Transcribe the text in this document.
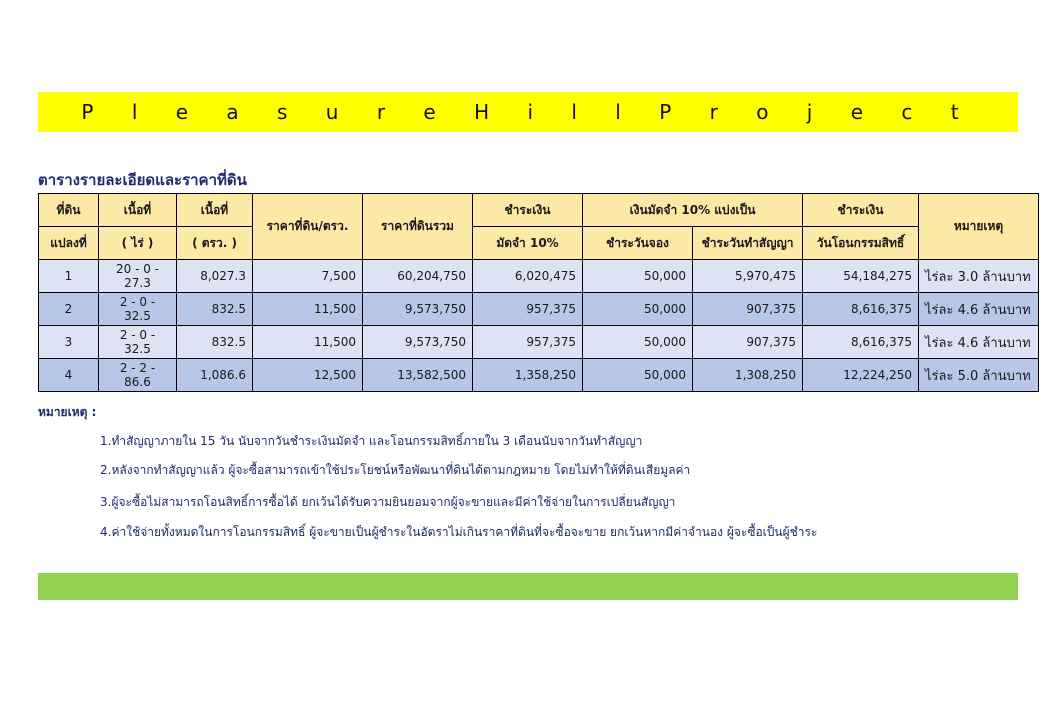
P l e a s u r e H i l l P r o j e c t
ตารางรายละเอียดและราคาที่ดิน
ที่ดิน	เนื้อที่	เนื้อที่	ราคาที่ดิน/ตรว.	ราคาที่ดินรวม	ชำระเงิน	เงินมัดจำ 10% แบ่งเป็น		ชำระเงิน	หมายเหตุ
แปลงที่	( ไร่ )	( ตรว. )			มัดจำ 10%	ชำระวันจอง	ชำระวันทำสัญญา	วันโอนกรรมสิทธิ์	
1	20 - 0 - 27.3	8,027.3	7,500	60,204,750	6,020,475	50,000	5,970,475	54,184,275	ไร่ละ 3.0 ล้านบาท
2	2 - 0 - 32.5	832.5	11,500	9,573,750	957,375	50,000	907,375	8,616,375	ไร่ละ 4.6 ล้านบาท
3	2 - 0 - 32.5	832.5	11,500	9,573,750	957,375	50,000	907,375	8,616,375	ไร่ละ 4.6 ล้านบาท
4	2 - 2 - 86.6	1,086.6	12,500	13,582,500	1,358,250	50,000	1,308,250	12,224,250	ไร่ละ 5.0 ล้านบาท
หมายเหตุ :
1.ทำสัญญาภายใน 15 วัน นับจากวันชำระเงินมัดจำ และโอนกรรมสิทธิ์ภายใน 3 เดือนนับจากวันทำสัญญา
2.หลังจากทำสัญญาแล้ว ผู้จะซื้อสามารถเข้าใช้ประโยชน์หรือพัฒนาที่ดินได้ตามกฎหมาย โดยไม่ทำให้ที่ดินเสียมูลค่า
3.ผู้จะซื้อไม่สามารถโอนสิทธิ์การซื้อได้ ยกเว้นได้รับความยินยอมจากผู้จะขายและมีค่าใช้จ่ายในการเปลี่ยนสัญญา
4.ค่าใช้จ่ายทั้งหมดในการโอนกรรมสิทธิ์ ผู้จะขายเป็นผู้ชำระในอัตราไม่เกินราคาที่ดินที่จะซื้อจะขาย ยกเว้นหากมีค่าจำนอง ผู้จะซื้อเป็นผู้ชำระ
